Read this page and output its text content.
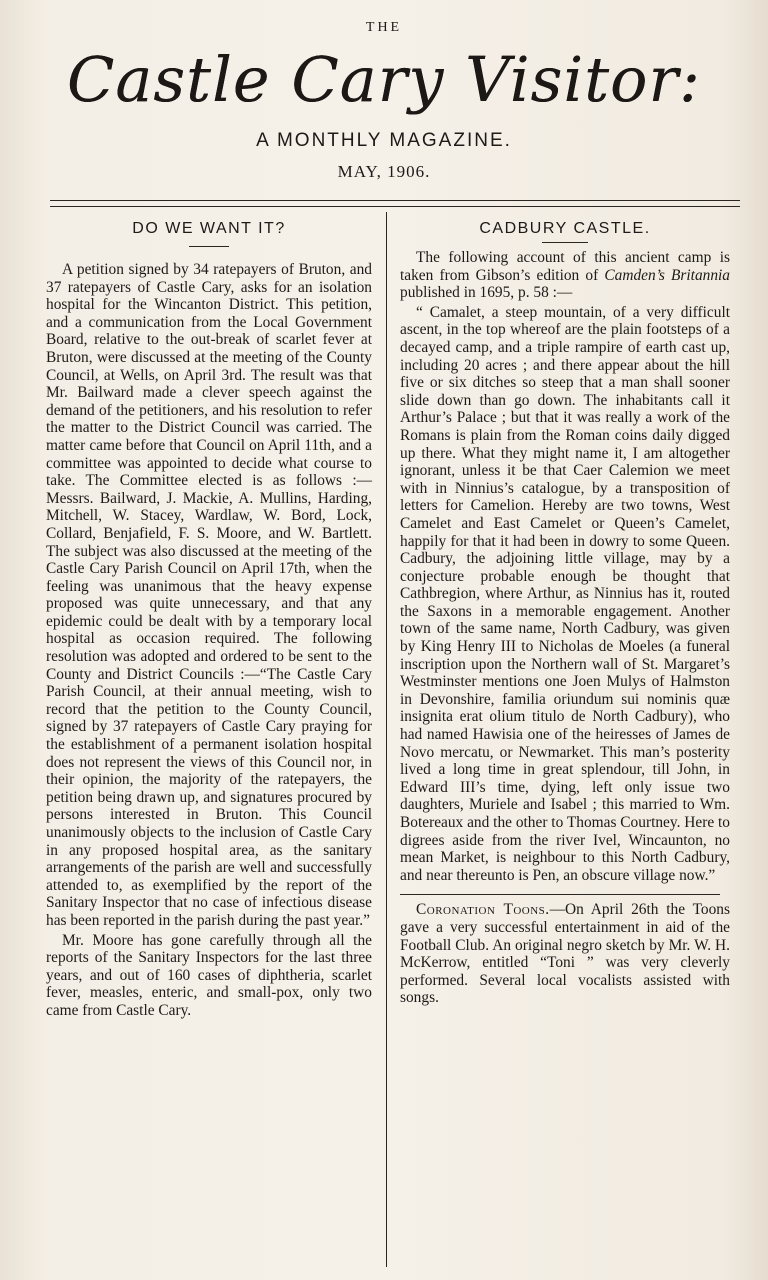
THE
Castle Cary Visitor:
A MONTHLY MAGAZINE.
MAY, 1906.
DO WE WANT IT?

A petition signed by 34 ratepayers of Bruton, and 37 ratepayers of Castle Cary, asks for an isolation hospital for the Wincanton District. This petition, and a communication from the Local Government Board, relative to the out-break of scarlet fever at Bruton, were discussed at the meeting of the County Council, at Wells, on April 3rd. The result was that Mr. Bailward made a clever speech against the demand of the petitioners, and his resolution to refer the matter to the District Council was carried. The matter came before that Council on April 11th, and a committee was appointed to decide what course to take. The Committee elected is as follows :—Messrs. Bailward, J. Mackie, A. Mullins, Harding, Mitchell, W. Stacey, Wardlaw, W. Bord, Lock, Collard, Benjafield, F. S. Moore, and W. Bartlett. The subject was also discussed at the meeting of the Castle Cary Parish Council on April 17th, when the feeling was unanimous that the heavy expense proposed was quite unnecessary, and that any epidemic could be dealt with by a temporary local hospital as occasion required. The following resolution was adopted and ordered to be sent to the County and District Councils :—“The Castle Cary Parish Council, at their annual meeting, wish to record that the petition to the County Council, signed by 37 ratepayers of Castle Cary praying for the establishment of a permanent isolation hospital does not represent the views of this Council nor, in their opinion, the majority of the ratepayers, the petition being drawn up, and signatures procured by persons interested in Bruton. This Council unanimously objects to the inclusion of Castle Cary in any proposed hospital area, as the sanitary arrangements of the parish are well and successfully attended to, as exemplified by the report of the Sanitary Inspector that no case of infectious disease has been reported in the parish during the past year.”

Mr. Moore has gone carefully through all the reports of the Sanitary Inspectors for the last three years, and out of 160 cases of diphtheria, scarlet fever, measles, enteric, and small-pox, only two came from Castle Cary.

CADBURY CASTLE.

The following account of this ancient camp is taken from Gibson’s edition of Camden’s Britannia published in 1695, p. 58 :—

“ Camalet, a steep mountain, of a very difficult ascent, in the top whereof are the plain footsteps of a decayed camp, and a triple rampire of earth cast up, including 20 acres ; and there appear about the hill five or six ditches so steep that a man shall sooner slide down than go down. The inhabitants call it Arthur’s Palace ; but that it was really a work of the Romans is plain from the Roman coins daily digged up there. What they might name it, I am altogether ignorant, unless it be that Caer Calemion we meet with in Ninnius’s catalogue, by a transposition of letters for Camelion. Hereby are two towns, West Camelet and East Camelet or Queen’s Camelet, happily for that it had been in dowry to some Queen. Cadbury, the adjoining little village, may by a conjecture probable enough be thought that Cathbregion, where Arthur, as Ninnius has it, routed the Saxons in a memorable engagement. Another town of the same name, North Cadbury, was given by King Henry III to Nicholas de Moeles (a funeral inscription upon the Northern wall of St. Margaret’s Westminster mentions one Joen Mulys of Halmston in Devonshire, familia oriundum sui nominis quæ insignita erat olium titulo de North Cadbury), who had named Hawisia one of the heiresses of James de Novo mercatu, or Newmarket. This man’s posterity lived a long time in great splendour, till John, in Edward III’s time, dying, left only issue two daughters, Muriele and Isabel ; this married to Wm. Botereaux and the other to Thomas Courtney. Here to digrees aside from the river Ivel, Wincaunton, no mean Market, is neighbour to this North Cadbury, and near thereunto is Pen, an obscure village now.”

Coronation Toons.—On April 26th the Toons gave a very successful entertainment in aid of the Football Club. An original negro sketch by Mr. W. H. McKerrow, entitled “Toni ” was very cleverly performed. Several local vocalists assisted with songs.
